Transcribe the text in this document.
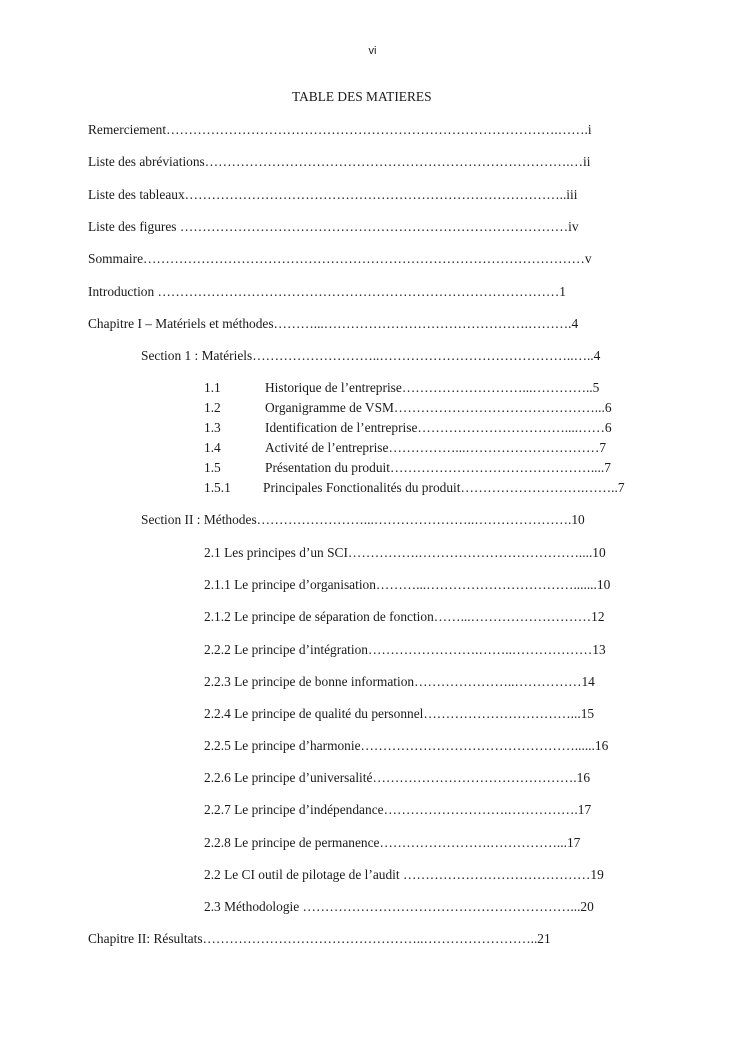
vi
TABLE DES MATIERES
Remerciement…………………………………………………………………………….…….i
Liste des abréviations……………………………………………………………………….…ii
Liste des tableaux…………………………………………………………………………..iii
Liste des figures ……………………………………………………………………………iv
Sommaire………………………………………………………………………………………v
Introduction ………………………………………………………………………………1
Chapitre I – Matériels et méthodes………...……………………………………….……….4
Section 1 : Matériels………………………..……………………………………..…..4
1.1	Historique de l’entreprise………………………...…………..5
1.2	Organigramme de VSM………………………………………...6
1.3	Identification de l’entreprise……………………………....……6
1.4	Activité de l’entreprise……………...…………………………7
1.5	Présentation du produit………………………………………....7
1.5.1 Principales Fonctionalités du produit……………………….……..7
Section II : Méthodes……………………...…………………..………………….10
2.1 Les principes d’un SCI…………….………………………………....10
2.1.1 Le principe d’organisation………...…………………………….......10
2.1.2 Le principe de séparation de fonction……...………………………12
2.2.2 Le principe d’intégration…………………….……..………………13
2.2.3 Le principe de bonne information…………………..……………14
2.2.4 Le principe de qualité du personnel……………………………...15
2.2.5 Le principe d’harmonie…………………………………………......16
2.2.6 Le principe d’universalité……………………………………….16
2.2.7 Le principe d’indépendance……………………….…………….17
2.2.8 Le principe de permanence…………………….……………...17
2.2 Le CI outil de pilotage de l’audit ……………………………………19
2.3 Méthodologie ……………………………………………………...20
Chapitre II: Résultats…………………………………………..……………………..21
